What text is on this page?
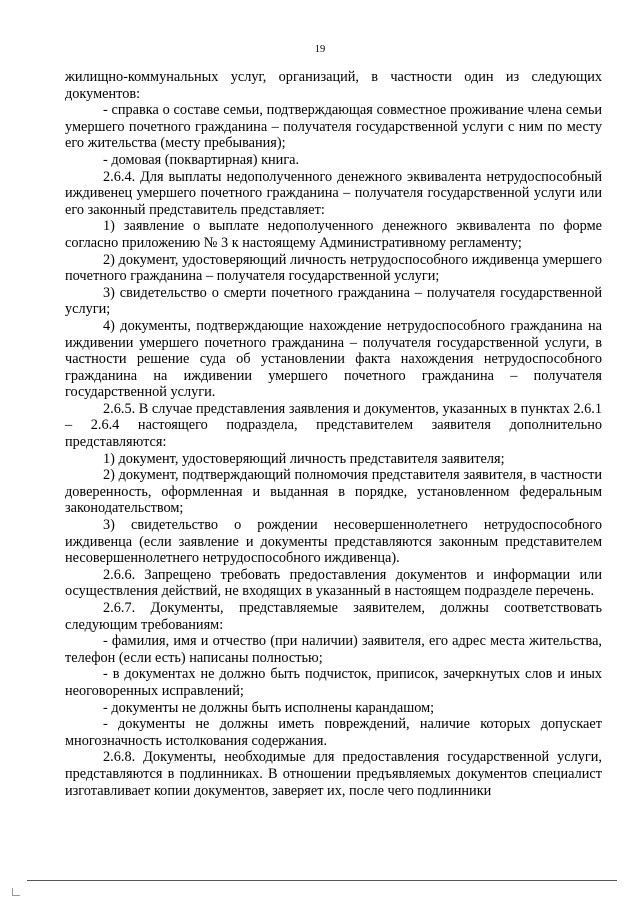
19

жилищно-коммунальных услуг, организаций, в частности один из следующих документов:

- справка о составе семьи, подтверждающая совместное проживание члена семьи умершего почетного гражданина – получателя государственной услуги с ним по месту его жительства (месту пребывания);

- домовая (поквартирная) книга.

2.6.4. Для выплаты недополученного денежного эквивалента нетрудоспособный иждивенец умершего почетного гражданина – получателя государственной услуги или его законный представитель представляет:

1) заявление о выплате недополученного денежного эквивалента по форме согласно приложению № 3 к настоящему Административному регламенту;

2) документ, удостоверяющий личность нетрудоспособного иждивенца умершего почетного гражданина – получателя государственной услуги;

3) свидетельство о смерти почетного гражданина – получателя государственной услуги;

4) документы, подтверждающие нахождение нетрудоспособного гражданина на иждивении умершего почетного гражданина – получателя государственной услуги, в частности решение суда об установлении факта нахождения нетрудоспособного гражданина на иждивении умершего почетного гражданина – получателя государственной услуги.

2.6.5. В случае представления заявления и документов, указанных в пунктах 2.6.1 – 2.6.4 настоящего подраздела, представителем заявителя дополнительно представляются:

1) документ, удостоверяющий личность представителя заявителя;

2) документ, подтверждающий полномочия представителя заявителя, в частности доверенность, оформленная и выданная в порядке, установленном федеральным законодательством;

3) свидетельство о рождении несовершеннолетнего нетрудоспособного иждивенца (если заявление и документы представляются законным представителем несовершеннолетнего нетрудоспособного иждивенца).

2.6.6. Запрещено требовать предоставления документов и информации или осуществления действий, не входящих в указанный в настоящем подразделе перечень.

2.6.7. Документы, представляемые заявителем, должны соответствовать следующим требованиям:

- фамилия, имя и отчество (при наличии) заявителя, его адрес места жительства, телефон (если есть) написаны полностью;

- в документах не должно быть подчисток, приписок, зачеркнутых слов и иных неоговоренных исправлений;

- документы не должны быть исполнены карандашом;

- документы не должны иметь повреждений, наличие которых допускает многозначность истолкования содержания.

2.6.8. Документы, необходимые для предоставления государственной услуги, представляются в подлинниках. В отношении предъявляемых документов специалист изготавливает копии документов, заверяет их, после чего подлинники
